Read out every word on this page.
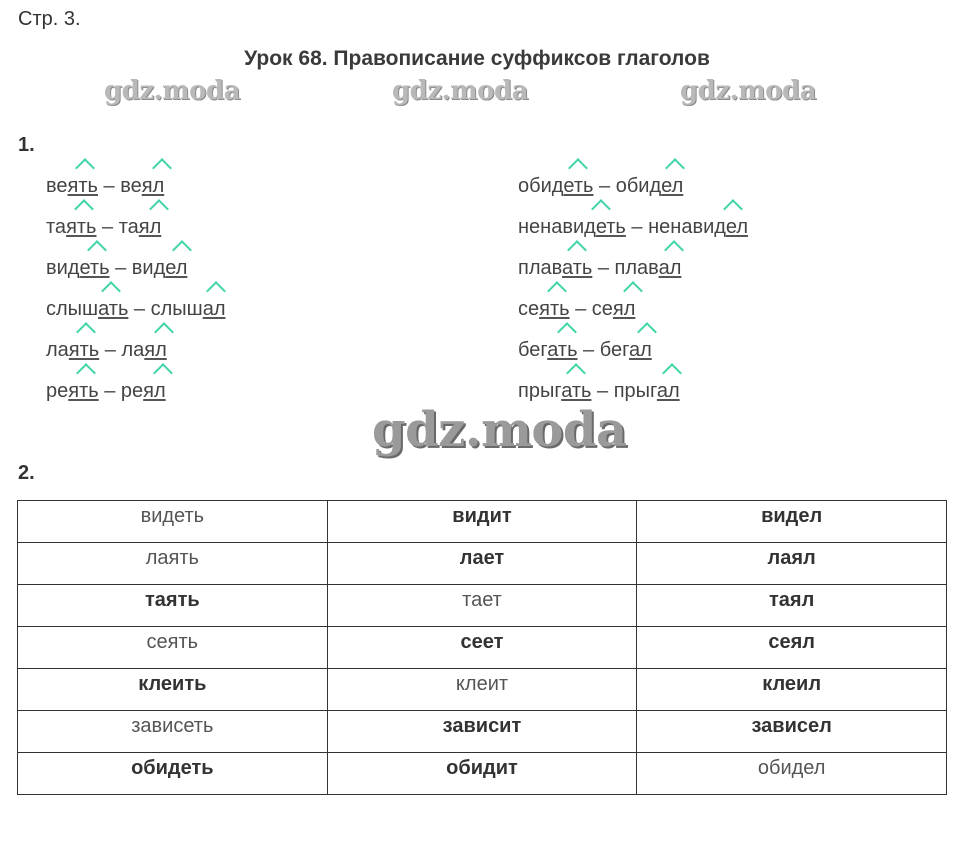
Стр. 3.
Урок 68. Правописание суффиксов глаголов
gdz.moda	gdz.moda	gdz.moda
1.
веять – веял
таять – таял
видеть – видел
слышать – слышал
лаять – лаял
реять – реял
обидеть – обидел
ненавидеть – ненавидел
плавать – плавал
сеять – сеял
бегать – бегал
прыгать – прыгал
gdz.moda
2.
видеть	видит	видел
лаять	лает	лаял
таять	тает	таял
сеять	сеет	сеял
клеить	клеит	клеил
зависеть	зависит	зависел
обидеть	обидит	обидел
